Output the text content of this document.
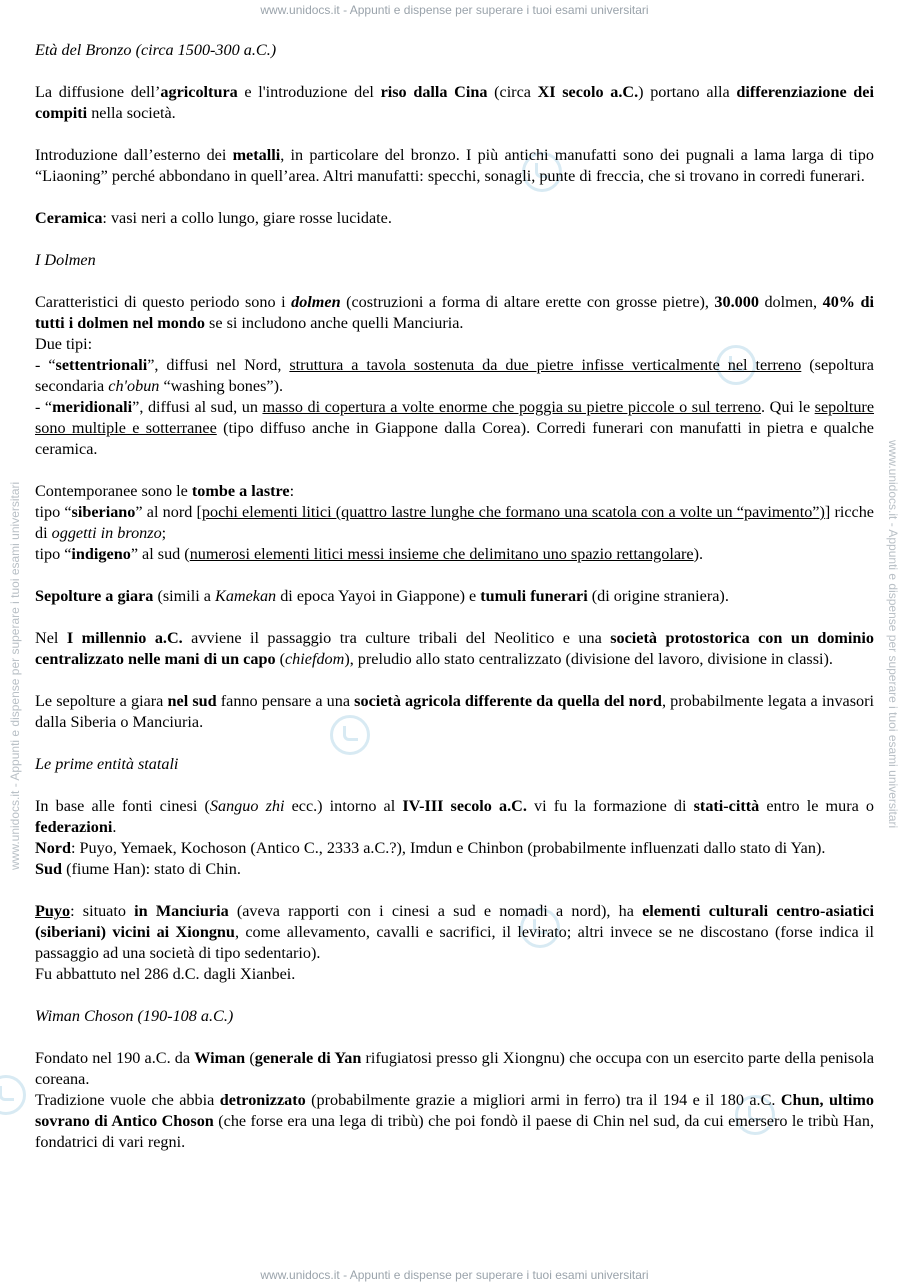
www.unidocs.it - Appunti e dispense per superare i tuoi esami universitari
www.unidocs.it - Appunti e dispense per superare i tuoi esami universitari	www.unidocs.it - Appunti e dispense per superare i tuoi esami universitari

Età del Bronzo (circa 1500-300 a.C.)

La diffusione dell’agricoltura e l'introduzione del riso dalla Cina (circa XI secolo a.C.) portano alla differenziazione dei compiti nella società.

Introduzione dall’esterno dei metalli, in particolare del bronzo. I più antichi manufatti sono dei pugnali a lama larga di tipo “Liaoning” perché abbondano in quell’area. Altri manufatti: specchi, sonagli, punte di freccia, che si trovano in corredi funerari.

Ceramica: vasi neri a collo lungo, giare rosse lucidate.

I Dolmen

Caratteristici di questo periodo sono i dolmen (costruzioni a forma di altare erette con grosse pietre), 30.000 dolmen, 40% di tutti i dolmen nel mondo se si includono anche quelli Manciuria.

Due tipi:

- “settentrionali”, diffusi nel Nord, struttura a tavola sostenuta da due pietre infisse verticalmente nel terreno (sepoltura secondaria ch'obun “washing bones”).

- “meridionali”, diffusi al sud, un masso di copertura a volte enorme che poggia su pietre piccole o sul terreno. Qui le sepolture sono multiple e sotterranee (tipo diffuso anche in Giappone dalla Corea). Corredi funerari con manufatti in pietra e qualche ceramica.

Contemporanee sono le tombe a lastre:

tipo “siberiano” al nord [pochi elementi litici (quattro lastre lunghe che formano una scatola con a volte un “pavimento”)] ricche di oggetti in bronzo;

tipo “indigeno” al sud (numerosi elementi litici messi insieme che delimitano uno spazio rettangolare).

Sepolture a giara (simili a Kamekan di epoca Yayoi in Giappone) e tumuli funerari (di origine straniera).

Nel I millennio a.C. avviene il passaggio tra culture tribali del Neolitico e una società protostorica con un dominio centralizzato nelle mani di un capo (chiefdom), preludio allo stato centralizzato (divisione del lavoro, divisione in classi).

Le sepolture a giara nel sud fanno pensare a una società agricola differente da quella del nord, probabilmente legata a invasori dalla Siberia o Manciuria.

Le prime entità statali

In base alle fonti cinesi (Sanguo zhi ecc.) intorno al IV-III secolo a.C. vi fu la formazione di stati-città entro le mura o federazioni.

Nord: Puyo, Yemaek, Kochoson (Antico C., 2333 a.C.?), Imdun e Chinbon (probabilmente influenzati dallo stato di Yan).

Sud (fiume Han): stato di Chin.

Puyo: situato in Manciuria (aveva rapporti con i cinesi a sud e nomadi a nord), ha elementi culturali centro-asiatici (siberiani) vicini ai Xiongnu, come allevamento, cavalli e sacrifici, il levirato; altri invece se ne discostano (forse indica il passaggio ad una società di tipo sedentario).

Fu abbattuto nel 286 d.C. dagli Xianbei.

Wiman Choson (190-108 a.C.)

Fondato nel 190 a.C. da Wiman (generale di Yan rifugiatosi presso gli Xiongnu) che occupa con un esercito parte della penisola coreana.

Tradizione vuole che abbia detronizzato (probabilmente grazie a migliori armi in ferro) tra il 194 e il 180 a.C. Chun, ultimo sovrano di Antico Choson (che forse era una lega di tribù) che poi fondò il paese di Chin nel sud, da cui emersero le tribù Han, fondatrici di vari regni.

www.unidocs.it - Appunti e dispense per superare i tuoi esami universitari
